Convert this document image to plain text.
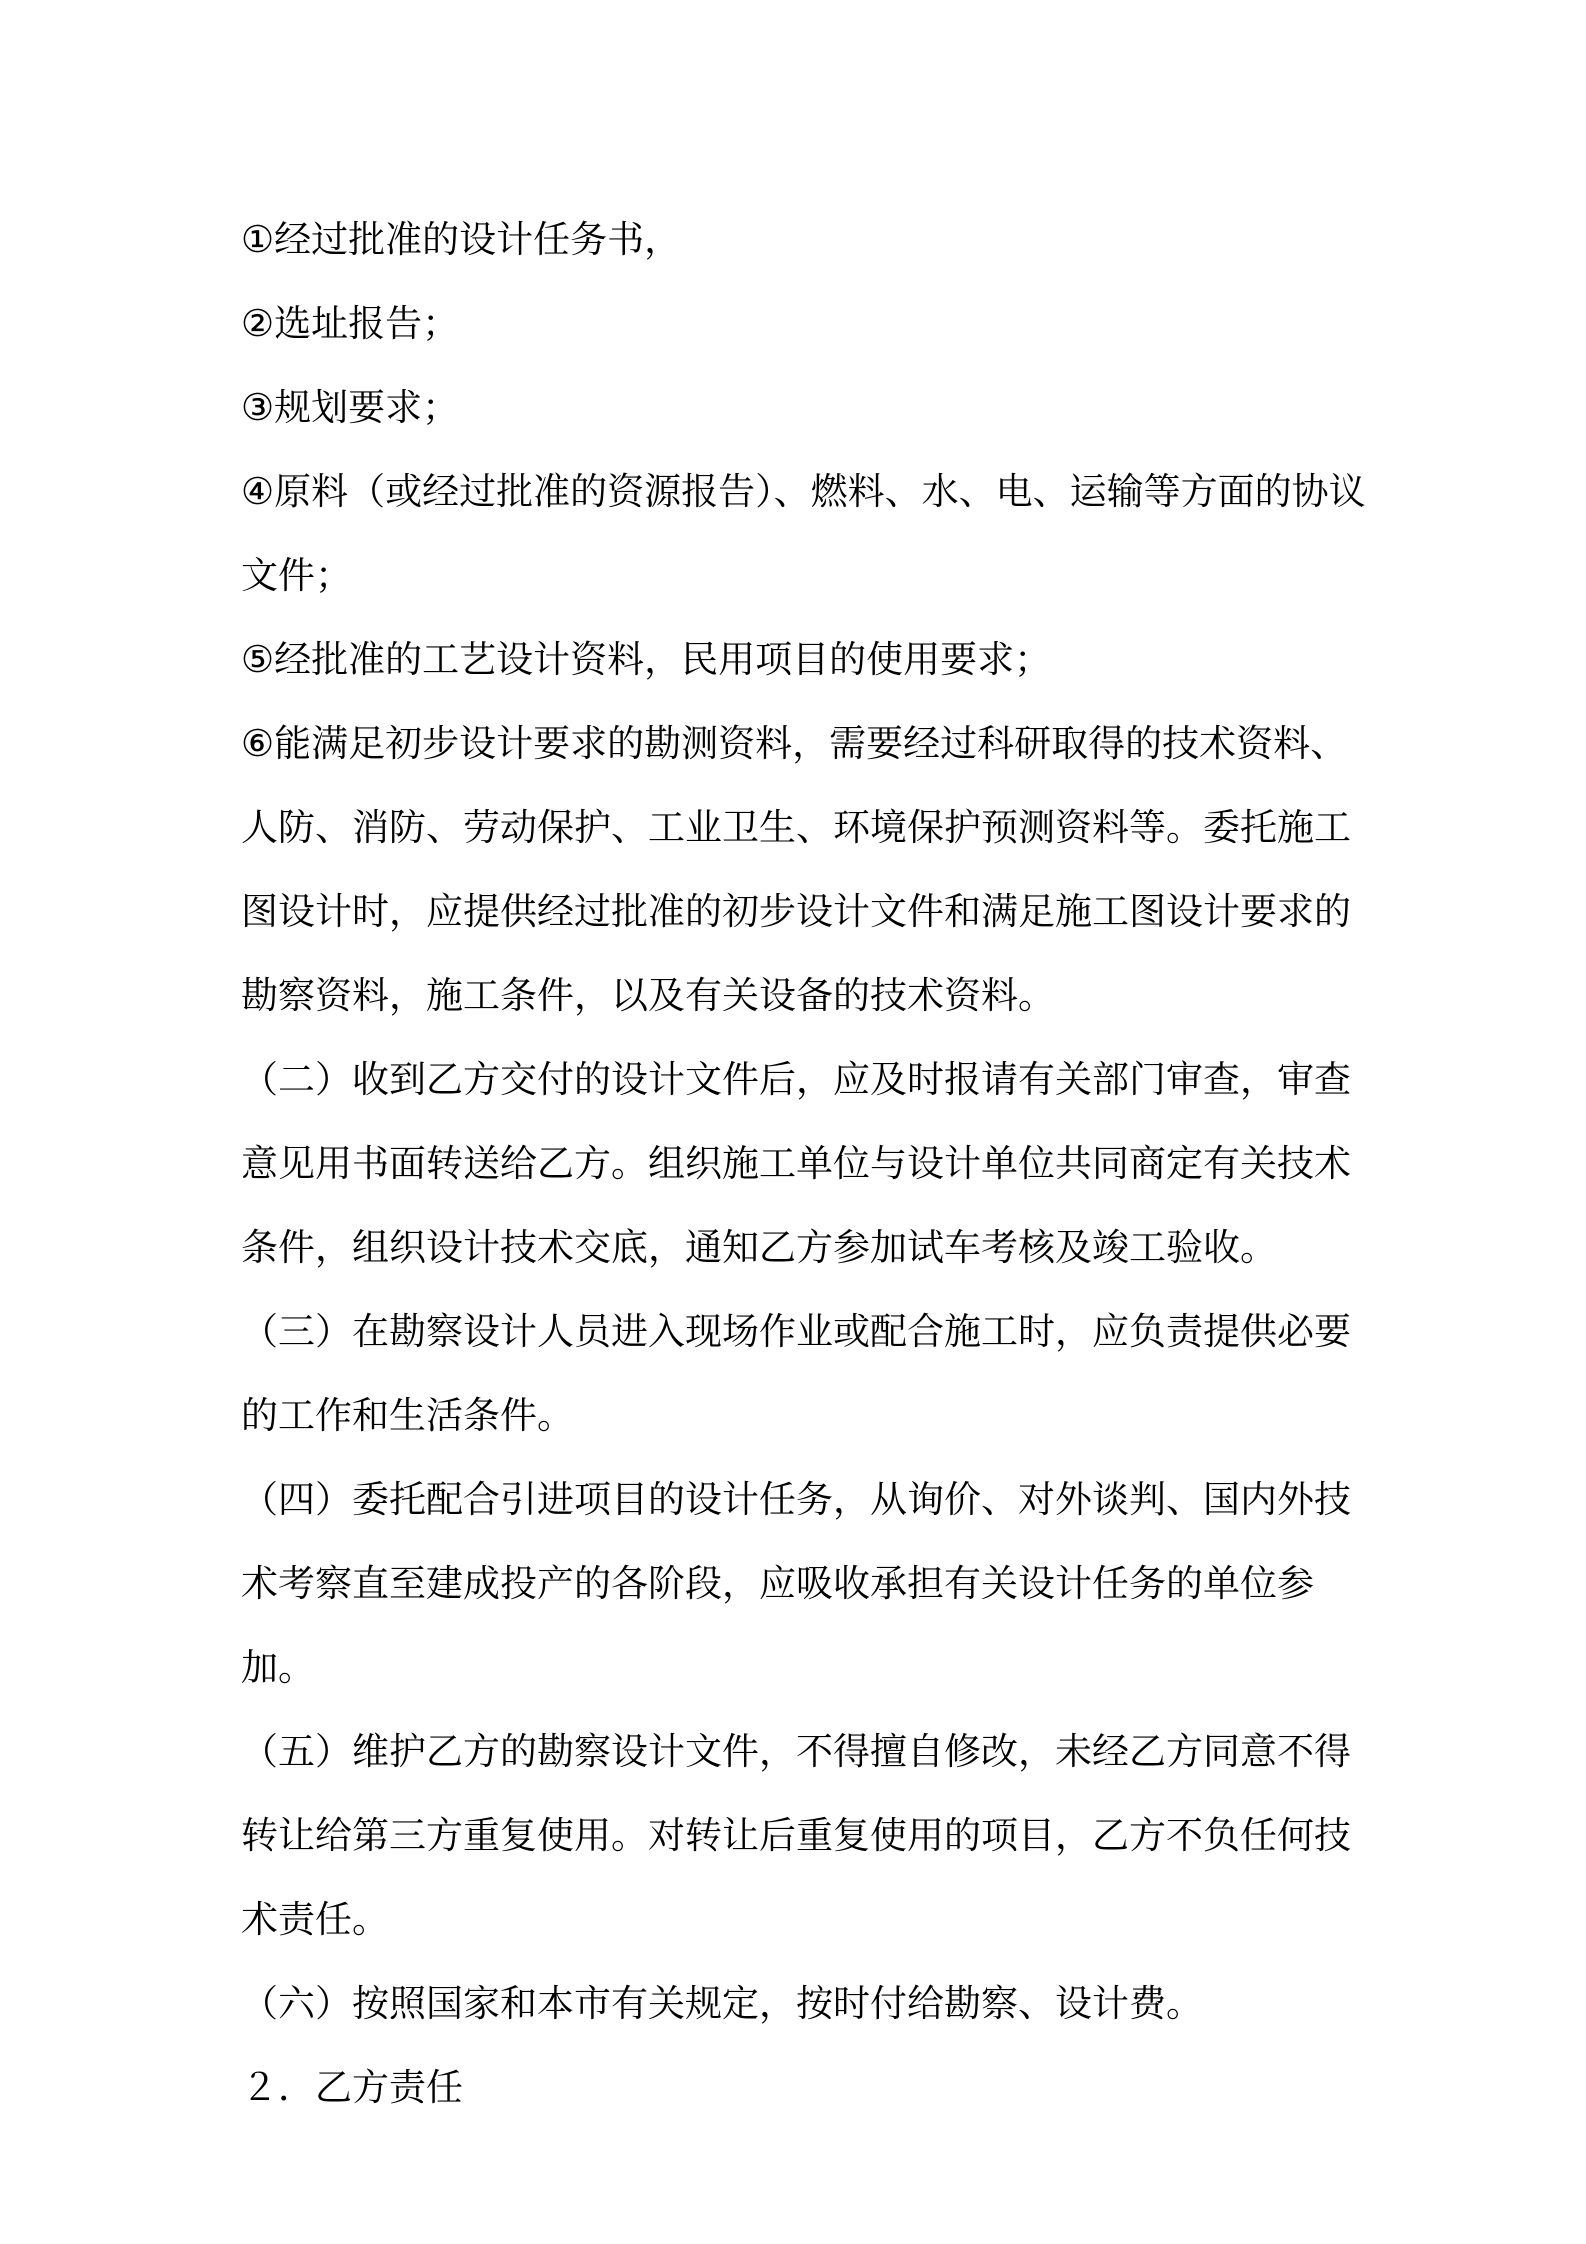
①经过批准的设计任务书，

②选址报告；

③规划要求；

④原料（或经过批准的资源报告）、燃料、水、电、运输等方面的协议文件；

⑤经批准的工艺设计资料，民用项目的使用要求；

⑥能满足初步设计要求的勘测资料，需要经过科研取得的技术资料、人防、消防、劳动保护、工业卫生、环境保护预测资料等。委托施工图设计时，应提供经过批准的初步设计文件和满足施工图设计要求的勘察资料，施工条件，以及有关设备的技术资料。

（二）收到乙方交付的设计文件后，应及时报请有关部门审查，审查意见用书面转送给乙方。组织施工单位与设计单位共同商定有关技术条件，组织设计技术交底，通知乙方参加试车考核及竣工验收。

（三）在勘察设计人员进入现场作业或配合施工时，应负责提供必要的工作和生活条件。

（四）委托配合引进项目的设计任务，从询价、对外谈判、国内外技术考察直至建成投产的各阶段，应吸收承担有关设计任务的单位参加。

（五）维护乙方的勘察设计文件，不得擅自修改，未经乙方同意不得转让给第三方重复使用。对转让后重复使用的项目，乙方不负任何技术责任。

（六）按照国家和本市有关规定，按时付给勘察、设计费。

２．乙方责任
